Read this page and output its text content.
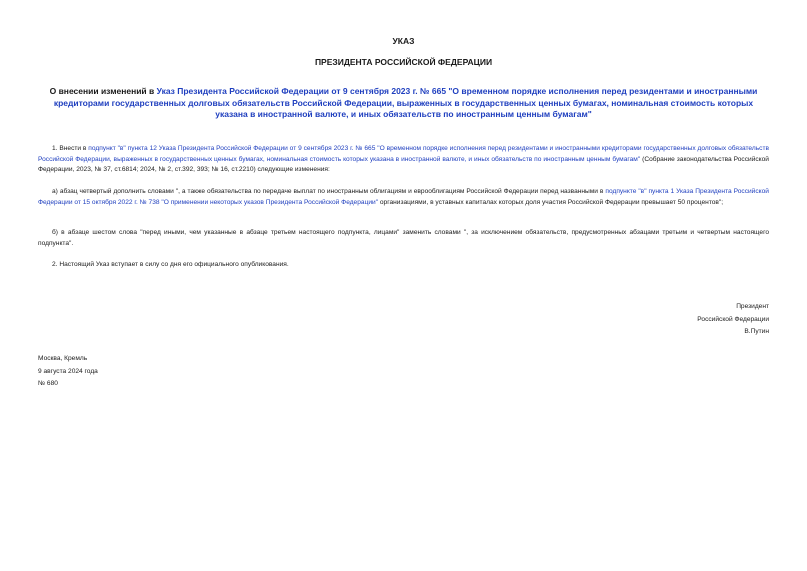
УКАЗ
ПРЕЗИДЕНТА РОССИЙСКОЙ ФЕДЕРАЦИИ
О внесении изменений в Указ Президента Российской Федерации от 9 сентября 2023 г. № 665 "О временном порядке исполнения перед резидентами и иностранными кредиторами государственных долговых обязательств Российской Федерации, выраженных в государственных ценных бумагах, номинальная стоимость которых указана в иностранной валюте, и иных обязательств по иностранным ценным бумагам"
1. Внести в подпункт "в" пункта 12 Указа Президента Российской Федерации от 9 сентября 2023 г. № 665 "О временном порядке исполнения перед резидентами и иностранными кредиторами государственных долговых обязательств Российской Федерации, выраженных в государственных ценных бумагах, номинальная стоимость которых указана в иностранной валюте, и иных обязательств по иностранным ценным бумагам" (Собрание законодательства Российской Федерации, 2023, № 37, ст.6814; 2024, № 2, ст.392, 393; № 16, ст.2210) следующие изменения:
а) абзац четвертый дополнить словами ", а также обязательства по передаче выплат по иностранным облигациям и еврооблигациям Российской Федерации перед названными в подпункте "в" пункта 1 Указа Президента Российской Федерации от 15 октября 2022 г. № 738 "О применении некоторых указов Президента Российской Федерации" организациями, в уставных капиталах которых доля участия Российской Федерации превышает 50 процентов";
б) в абзаце шестом слова "перед иными, чем указанные в абзаце третьем настоящего подпункта, лицами" заменить словами ", за исключением обязательств, предусмотренных абзацами третьим и четвертым настоящего подпункта".
2. Настоящий Указ вступает в силу со дня его официального опубликования.
Президент
Российской Федерации
В.Путин
Москва, Кремль
9 августа 2024 года
№ 680
